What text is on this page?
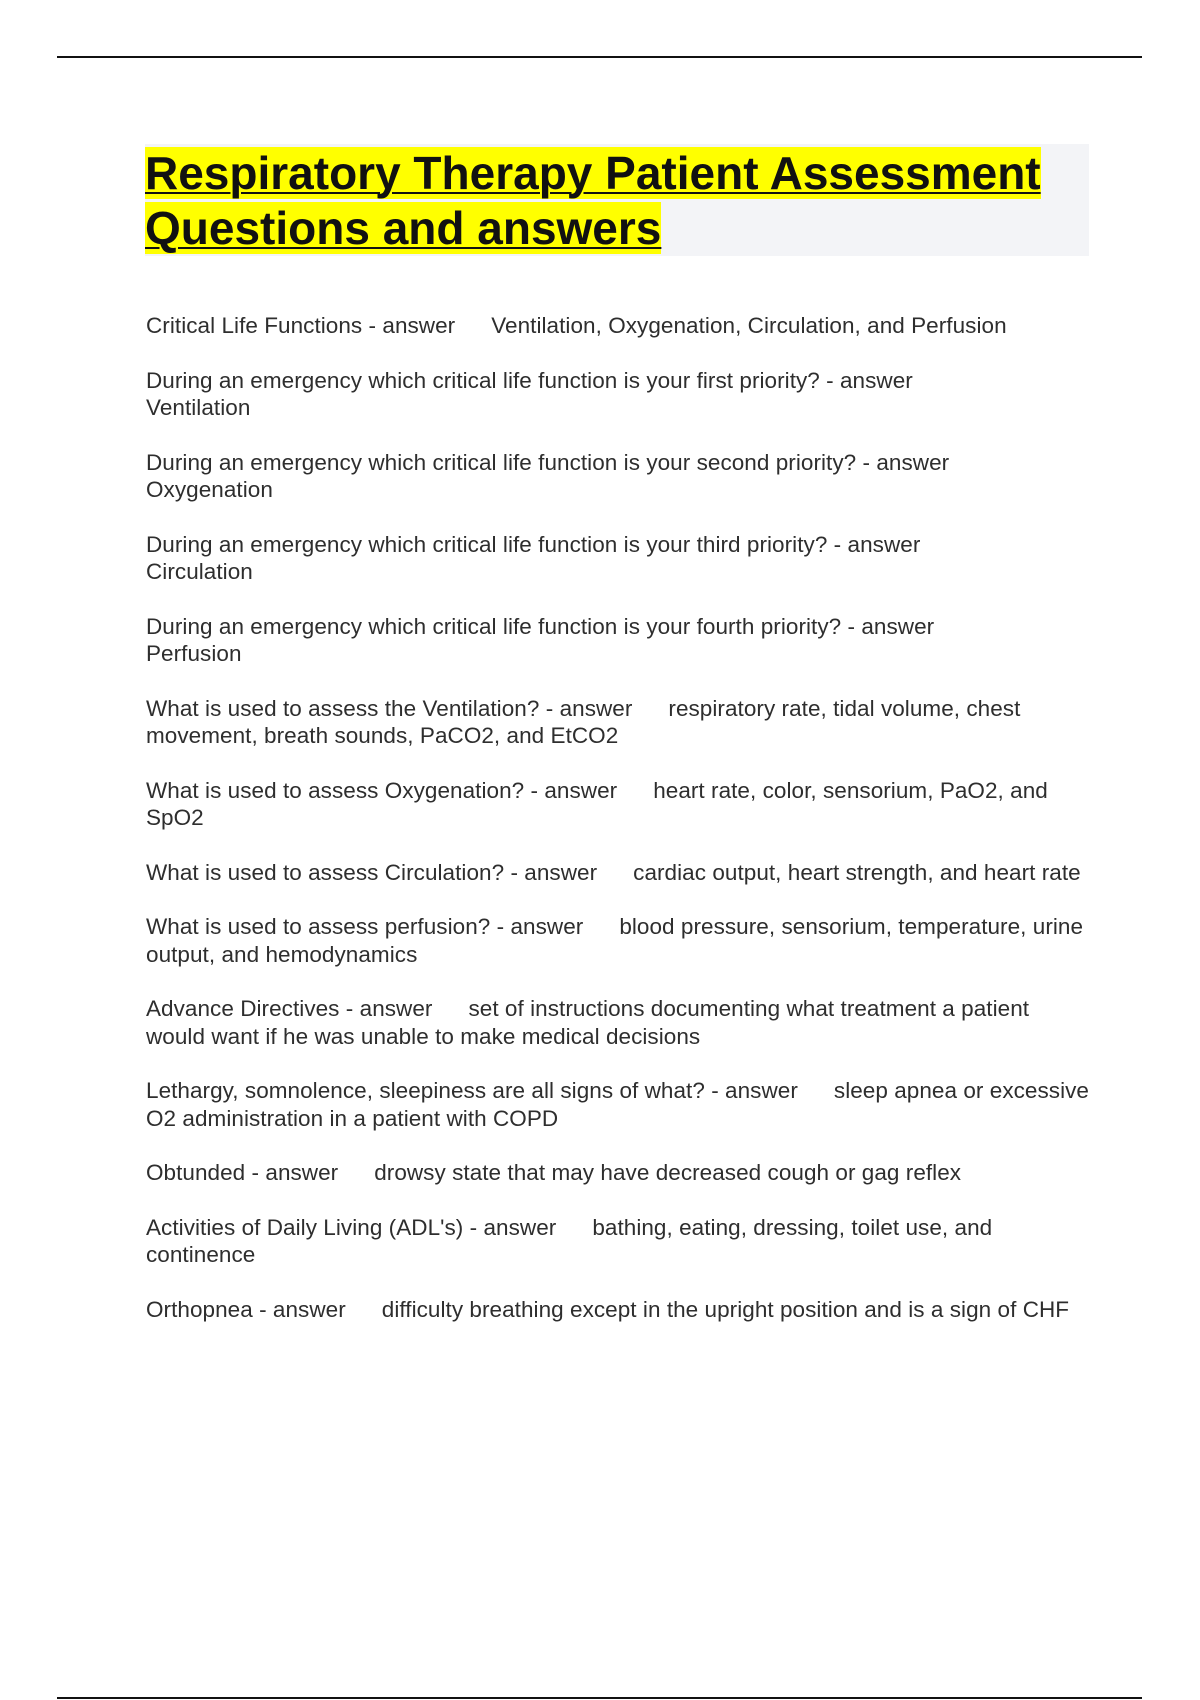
Respiratory Therapy Patient Assessment
Questions and answers
Critical Life Functions - answer Ventilation, Oxygenation, Circulation, and Perfusion
During an emergency which critical life function is your first priority? - answer
Ventilation
During an emergency which critical life function is your second priority? - answer
Oxygenation
During an emergency which critical life function is your third priority? - answer
Circulation
During an emergency which critical life function is your fourth priority? - answer
Perfusion
What is used to assess the Ventilation? - answer respiratory rate, tidal volume, chest movement, breath sounds, PaCO2, and EtCO2
What is used to assess Oxygenation? - answer heart rate, color, sensorium, PaO2, and SpO2
What is used to assess Circulation? - answer cardiac output, heart strength, and heart rate
What is used to assess perfusion? - answer blood pressure, sensorium, temperature, urine output, and hemodynamics
Advance Directives - answer set of instructions documenting what treatment a patient would want if he was unable to make medical decisions
Lethargy, somnolence, sleepiness are all signs of what? - answer sleep apnea or excessive O2 administration in a patient with COPD
Obtunded - answer drowsy state that may have decreased cough or gag reflex
Activities of Daily Living (ADL's) - answer bathing, eating, dressing, toilet use, and continence
Orthopnea - answer difficulty breathing except in the upright position and is a sign of CHF
